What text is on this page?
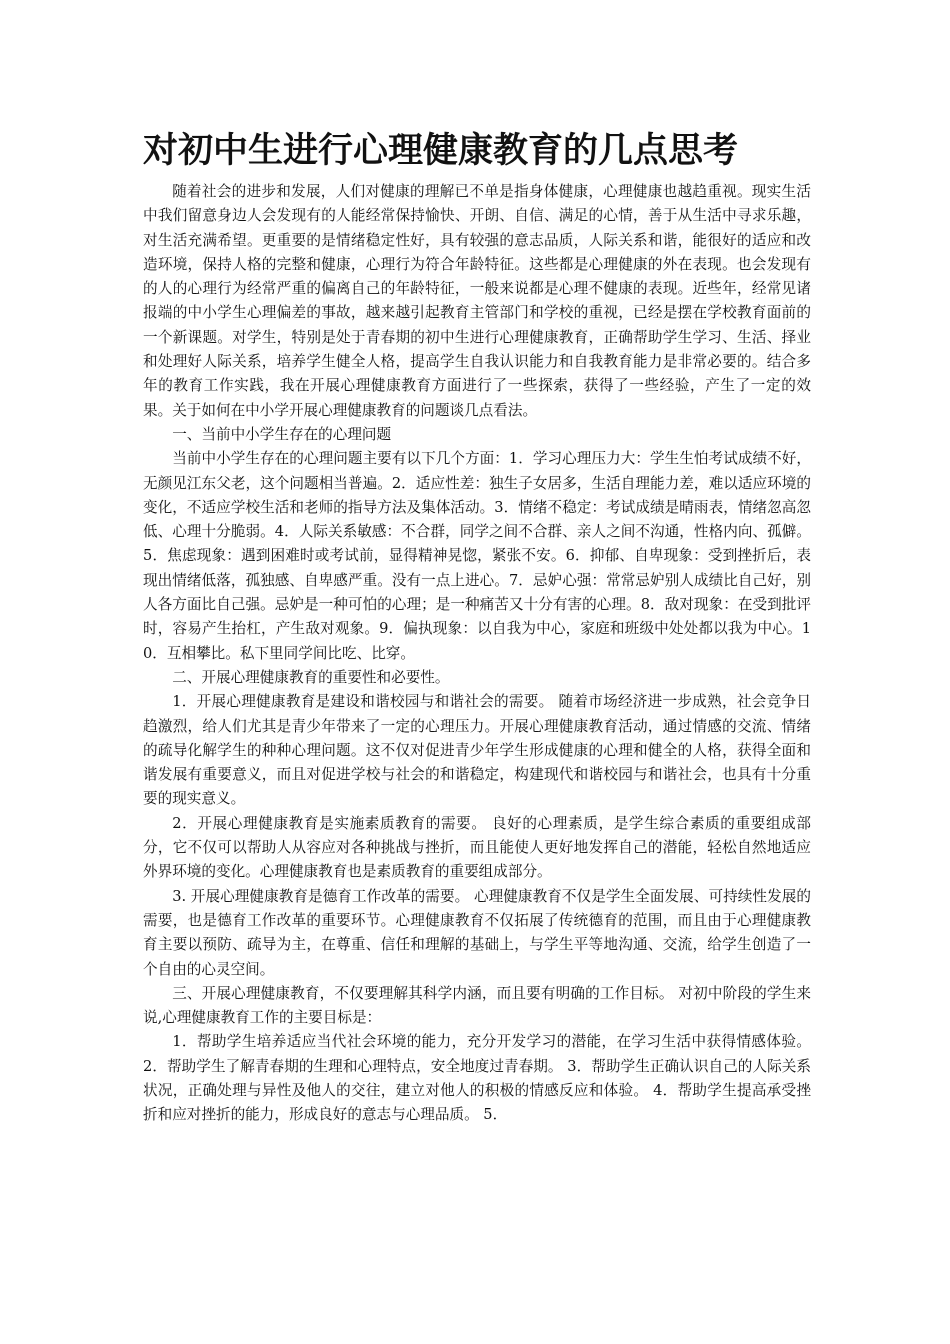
对初中生进行心理健康教育的几点思考

随着社会的进步和发展，人们对健康的理解已不单是指身体健康，心理健康也越趋重视。现实生活中我们留意身边人会发现有的人能经常保持愉快、开朗、自信、满足的心情，善于从生活中寻求乐趣，对生活充满希望。更重要的是情绪稳定性好，具有较强的意志品质，人际关系和谐，能很好的适应和改造环境，保持人格的完整和健康，心理行为符合年龄特征。这些都是心理健康的外在表现。也会发现有的人的心理行为经常严重的偏离自己的年龄特征，一般来说都是心理不健康的表现。近些年，经常见诸报端的中小学生心理偏差的事故，越来越引起教育主管部门和学校的重视，已经是摆在学校教育面前的一个新课题。对学生，特别是处于青春期的初中生进行心理健康教育，正确帮助学生学习、生活、择业和处理好人际关系，培养学生健全人格，提高学生自我认识能力和自我教育能力是非常必要的。结合多年的教育工作实践，我在开展心理健康教育方面进行了一些探索，获得了一些经验，产生了一定的效果。关于如何在中小学开展心理健康教育的问题谈几点看法。

一、当前中小学生存在的心理问题

当前中小学生存在的心理问题主要有以下几个方面：1．学习心理压力大：学生生怕考试成绩不好，无颜见江东父老，这个问题相当普遍。2．适应性差：独生子女居多，生活自理能力差，难以适应环境的变化，不适应学校生活和老师的指导方法及集体活动。3．情绪不稳定：考试成绩是晴雨表，情绪忽高忽低、心理十分脆弱。4．人际关系敏感：不合群，同学之间不合群、亲人之间不沟通，性格内向、孤僻。5．焦虑现象：遇到困难时或考试前，显得精神晃惚，紧张不安。6．抑郁、自卑现象：受到挫折后，表现出情绪低落，孤独感、自卑感严重。没有一点上进心。7．忌妒心强：常常忌妒别人成绩比自己好，别人各方面比自己强。忌妒是一种可怕的心理；是一种痛苦又十分有害的心理。8．敌对现象：在受到批评时，容易产生抬杠，产生敌对观象。9．偏执现象：以自我为中心，家庭和班级中处处都以我为中心。10．互相攀比。私下里同学间比吃、比穿。

二、开展心理健康教育的重要性和必要性。

1．开展心理健康教育是建设和谐校园与和谐社会的需要。 随着市场经济进一步成熟，社会竞争日趋激烈，给人们尤其是青少年带来了一定的心理压力。开展心理健康教育活动，通过情感的交流、情绪的疏导化解学生的种种心理问题。这不仅对促进青少年学生形成健康的心理和健全的人格，获得全面和谐发展有重要意义，而且对促进学校与社会的和谐稳定，构建现代和谐校园与和谐社会，也具有十分重要的现实意义。

2．开展心理健康教育是实施素质教育的需要。 良好的心理素质，是学生综合素质的重要组成部分，它不仅可以帮助人从容应对各种挑战与挫折，而且能使人更好地发挥自己的潜能，轻松自然地适应外界环境的变化。心理健康教育也是素质教育的重要组成部分。

3. 开展心理健康教育是德育工作改革的需要。 心理健康教育不仅是学生全面发展、可持续性发展的需要，也是德育工作改革的重要环节。心理健康教育不仅拓展了传统德育的范围，而且由于心理健康教育主要以预防、疏导为主，在尊重、信任和理解的基础上，与学生平等地沟通、交流，给学生创造了一个自由的心灵空间。

三、开展心理健康教育，不仅要理解其科学内涵，而且要有明确的工作目标。 对初中阶段的学生来说,心理健康教育工作的主要目标是：

1．帮助学生培养适应当代社会环境的能力，充分开发学习的潜能，在学习生活中获得情感体验。 2．帮助学生了解青春期的生理和心理特点，安全地度过青春期。 3．帮助学生正确认识自己的人际关系状况，正确处理与异性及他人的交往，建立对他人的积极的情感反应和体验。 4．帮助学生提高承受挫折和应对挫折的能力，形成良好的意志与心理品质。 5．
